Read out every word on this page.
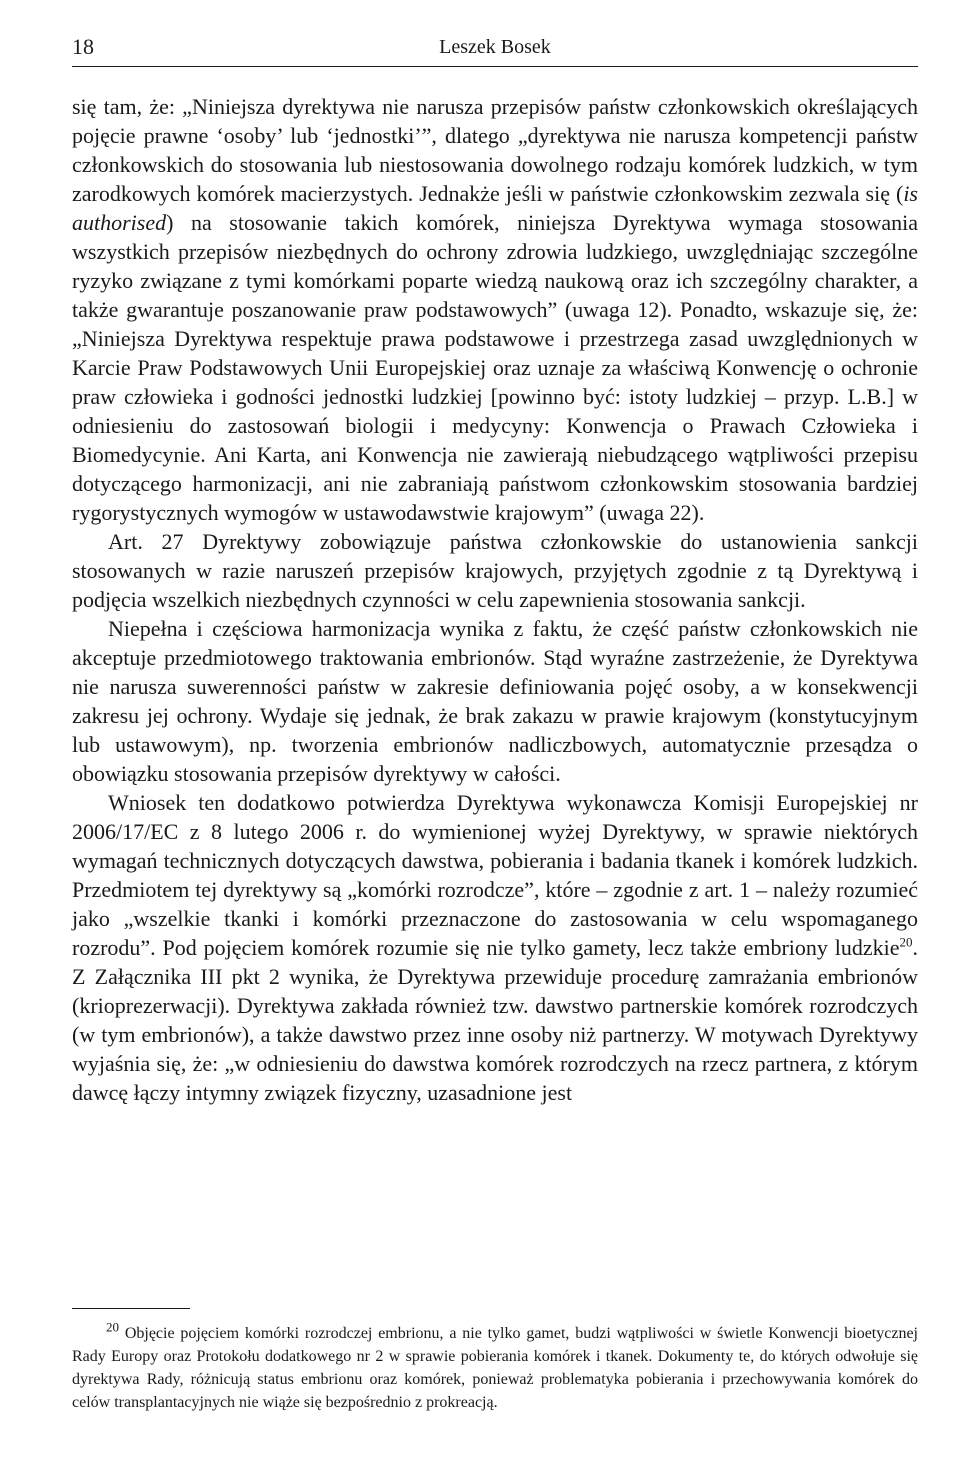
18	Leszek Bosek

się tam, że: „Niniejsza dyrektywa nie narusza przepisów państw członkowskich określających pojęcie prawne ‘osoby’ lub ‘jednostki’”, dlatego „dyrektywa nie narusza kompetencji państw członkowskich do stosowania lub niestosowania dowolnego rodzaju komórek ludzkich, w tym zarodkowych komórek macierzystych. Jednakże jeśli w państwie członkowskim zezwala się (is authorised) na stosowanie takich komórek, niniejsza Dyrektywa wymaga stosowania wszystkich przepisów niezbędnych do ochrony zdrowia ludzkiego, uwzględniając szczególne ryzyko związane z tymi komórkami poparte wiedzą naukową oraz ich szczególny charakter, a także gwarantuje poszanowanie praw podstawowych” (uwaga 12). Ponadto, wskazuje się, że: „Niniejsza Dyrektywa respektuje prawa podstawowe i przestrzega zasad uwzględnionych w Karcie Praw Podstawowych Unii Europejskiej oraz uznaje za właściwą Konwencję o ochronie praw człowieka i godności jednostki ludzkiej [powinno być: istoty ludzkiej – przyp. L.B.] w odniesieniu do zastosowań biologii i medycyny: Konwencja o Prawach Człowieka i Biomedycynie. Ani Karta, ani Konwencja nie zawierają niebudzącego wątpliwości przepisu dotyczącego harmonizacji, ani nie zabraniają państwom członkowskim stosowania bardziej rygorystycznych wymogów w ustawodawstwie krajowym” (uwaga 22).

Art. 27 Dyrektywy zobowiązuje państwa członkowskie do ustanowienia sankcji stosowanych w razie naruszeń przepisów krajowych, przyjętych zgodnie z tą Dyrektywą i podjęcia wszelkich niezbędnych czynności w celu zapewnienia stosowania sankcji.

Niepełna i częściowa harmonizacja wynika z faktu, że część państw członkowskich nie akceptuje przedmiotowego traktowania embrionów. Stąd wyraźne zastrzeżenie, że Dyrektywa nie narusza suwerenności państw w zakresie definiowania pojęć osoby, a w konsekwencji zakresu jej ochrony. Wydaje się jednak, że brak zakazu w prawie krajowym (konstytucyjnym lub ustawowym), np. tworzenia embrionów nadliczbowych, automatycznie przesądza o obowiązku stosowania przepisów dyrektywy w całości.

Wniosek ten dodatkowo potwierdza Dyrektywa wykonawcza Komisji Europejskiej nr 2006/17/EC z 8 lutego 2006 r. do wymienionej wyżej Dyrektywy, w sprawie niektórych wymagań technicznych dotyczących dawstwa, pobierania i badania tkanek i komórek ludzkich. Przedmiotem tej dyrektywy są „komórki rozrodcze”, które – zgodnie z art. 1 – należy rozumieć jako „wszelkie tkanki i komórki przeznaczone do zastosowania w celu wspomaganego rozrodu”. Pod pojęciem komórek rozumie się nie tylko gamety, lecz także embriony ludzkie$^{20}$. Z Załącznika III pkt 2 wynika, że Dyrektywa przewiduje procedurę zamrażania embrionów (krioprezerwacji). Dyrektywa zakłada również tzw. dawstwo partnerskie komórek rozrodczych (w tym embrionów), a także dawstwo przez inne osoby niż partnerzy. W motywach Dyrektywy wyjaśnia się, że: „w odniesieniu do dawstwa komórek rozrodczych na rzecz partnera, z którym dawcę łączy intymny związek fizyczny, uzasadnione jest

$^{20}$ Objęcie pojęciem komórki rozrodczej embrionu, a nie tylko gamet, budzi wątpliwości w świetle Konwencji bioetycznej Rady Europy oraz Protokołu dodatkowego nr 2 w sprawie pobierania komórek i tkanek. Dokumenty te, do których odwołuje się dyrektywa Rady, różnicują status embrionu oraz komórek, ponieważ problematyka pobierania i przechowywania komórek do celów transplantacyjnych nie wiąże się bezpośrednio z prokreacją.
